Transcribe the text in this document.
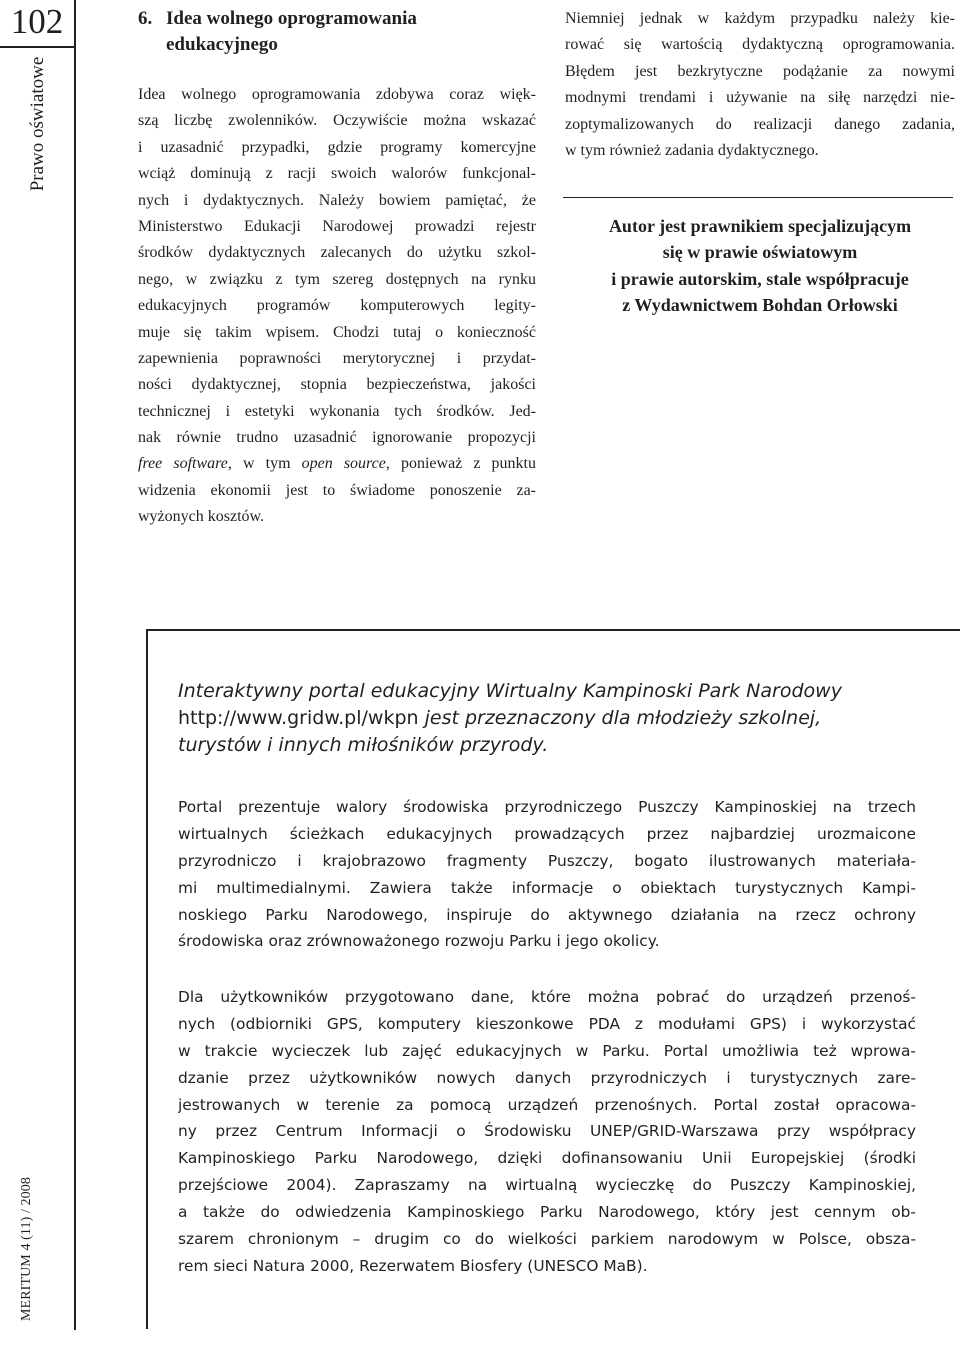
102
Prawo oświatowe
MERITUM 4 (11) / 2008
6. Idea wolnego oprogramowania
edukacyjnego

Idea wolnego oprogramowania zdobywa coraz więk-
szą liczbę zwolenników. Oczywiście można wskazać
i uzasadnić przypadki, gdzie programy komercyjne
wciąż dominują z racji swoich walorów funkcjonal-
nych i dydaktycznych. Należy bowiem pamiętać, że
Ministerstwo Edukacji Narodowej prowadzi rejestr
środków dydaktycznych zalecanych do użytku szkol-
nego, w związku z tym szereg dostępnych na rynku
edukacyjnych programów komputerowych legity-
muje się takim wpisem. Chodzi tutaj o konieczność
zapewnienia poprawności merytorycznej i przydat-
ności dydaktycznej, stopnia bezpieczeństwa, jakości
technicznej i estetyki wykonania tych środków. Jed-
nak równie trudno uzasadnić ignorowanie propozycji
free software, w tym open source, ponieważ z punktu
widzenia ekonomii jest to świadome ponoszenie za-
wyżonych kosztów.

Niemniej jednak w każdym przypadku należy kie-
rować się wartością dydaktyczną oprogramowania.
Błędem jest bezkrytyczne podążanie za nowymi
modnymi trendami i używanie na siłę narzędzi nie-
zoptymalizowanych do realizacji danego zadania,
w tym również zadania dydaktycznego.

Autor jest prawnikiem specjalizującym
się w prawie oświatowym
i prawie autorskim, stale współpracuje
z Wydawnictwem Bohdan Orłowski
Interaktywny portal edukacyjny Wirtualny Kampinoski Park Narodowy
http://www.gridw.pl/wkpn jest przeznaczony dla młodzieży szkolnej,
turystów i innych miłośników przyrody.
Portal prezentuje walory środowiska przyrodniczego Puszczy Kampinoskiej na trzech
wirtualnych ścieżkach edukacyjnych prowadzących przez najbardziej urozmaicone
przyrodniczo i krajobrazowo fragmenty Puszczy, bogato ilustrowanych materiała-
mi multimedialnymi. Zawiera także informacje o obiektach turystycznych Kampi-
noskiego Parku Narodowego, inspiruje do aktywnego działania na rzecz ochrony
środowiska oraz zrównoważonego rozwoju Parku i jego okolicy.
Dla użytkowników przygotowano dane, które można pobrać do urządzeń przenoś-
nych (odbiorniki GPS, komputery kieszonkowe PDA z modułami GPS) i wykorzystać
w trakcie wycieczek lub zajęć edukacyjnych w Parku. Portal umożliwia też wprowa-
dzanie przez użytkowników nowych danych przyrodniczych i turystycznych zare-
jestrowanych w terenie za pomocą urządzeń przenośnych. Portal został opracowa-
ny przez Centrum Informacji o Środowisku UNEP/GRID-Warszawa przy współpracy
Kampinoskiego Parku Narodowego, dzięki dofinansowaniu Unii Europejskiej (środki
przejściowe 2004). Zapraszamy na wirtualną wycieczkę do Puszczy Kampinoskiej,
a także do odwiedzenia Kampinoskiego Parku Narodowego, który jest cennym ob-
szarem chronionym – drugim co do wielkości parkiem narodowym w Polsce, obsza-
rem sieci Natura 2000, Rezerwatem Biosfery (UNESCO MaB).
